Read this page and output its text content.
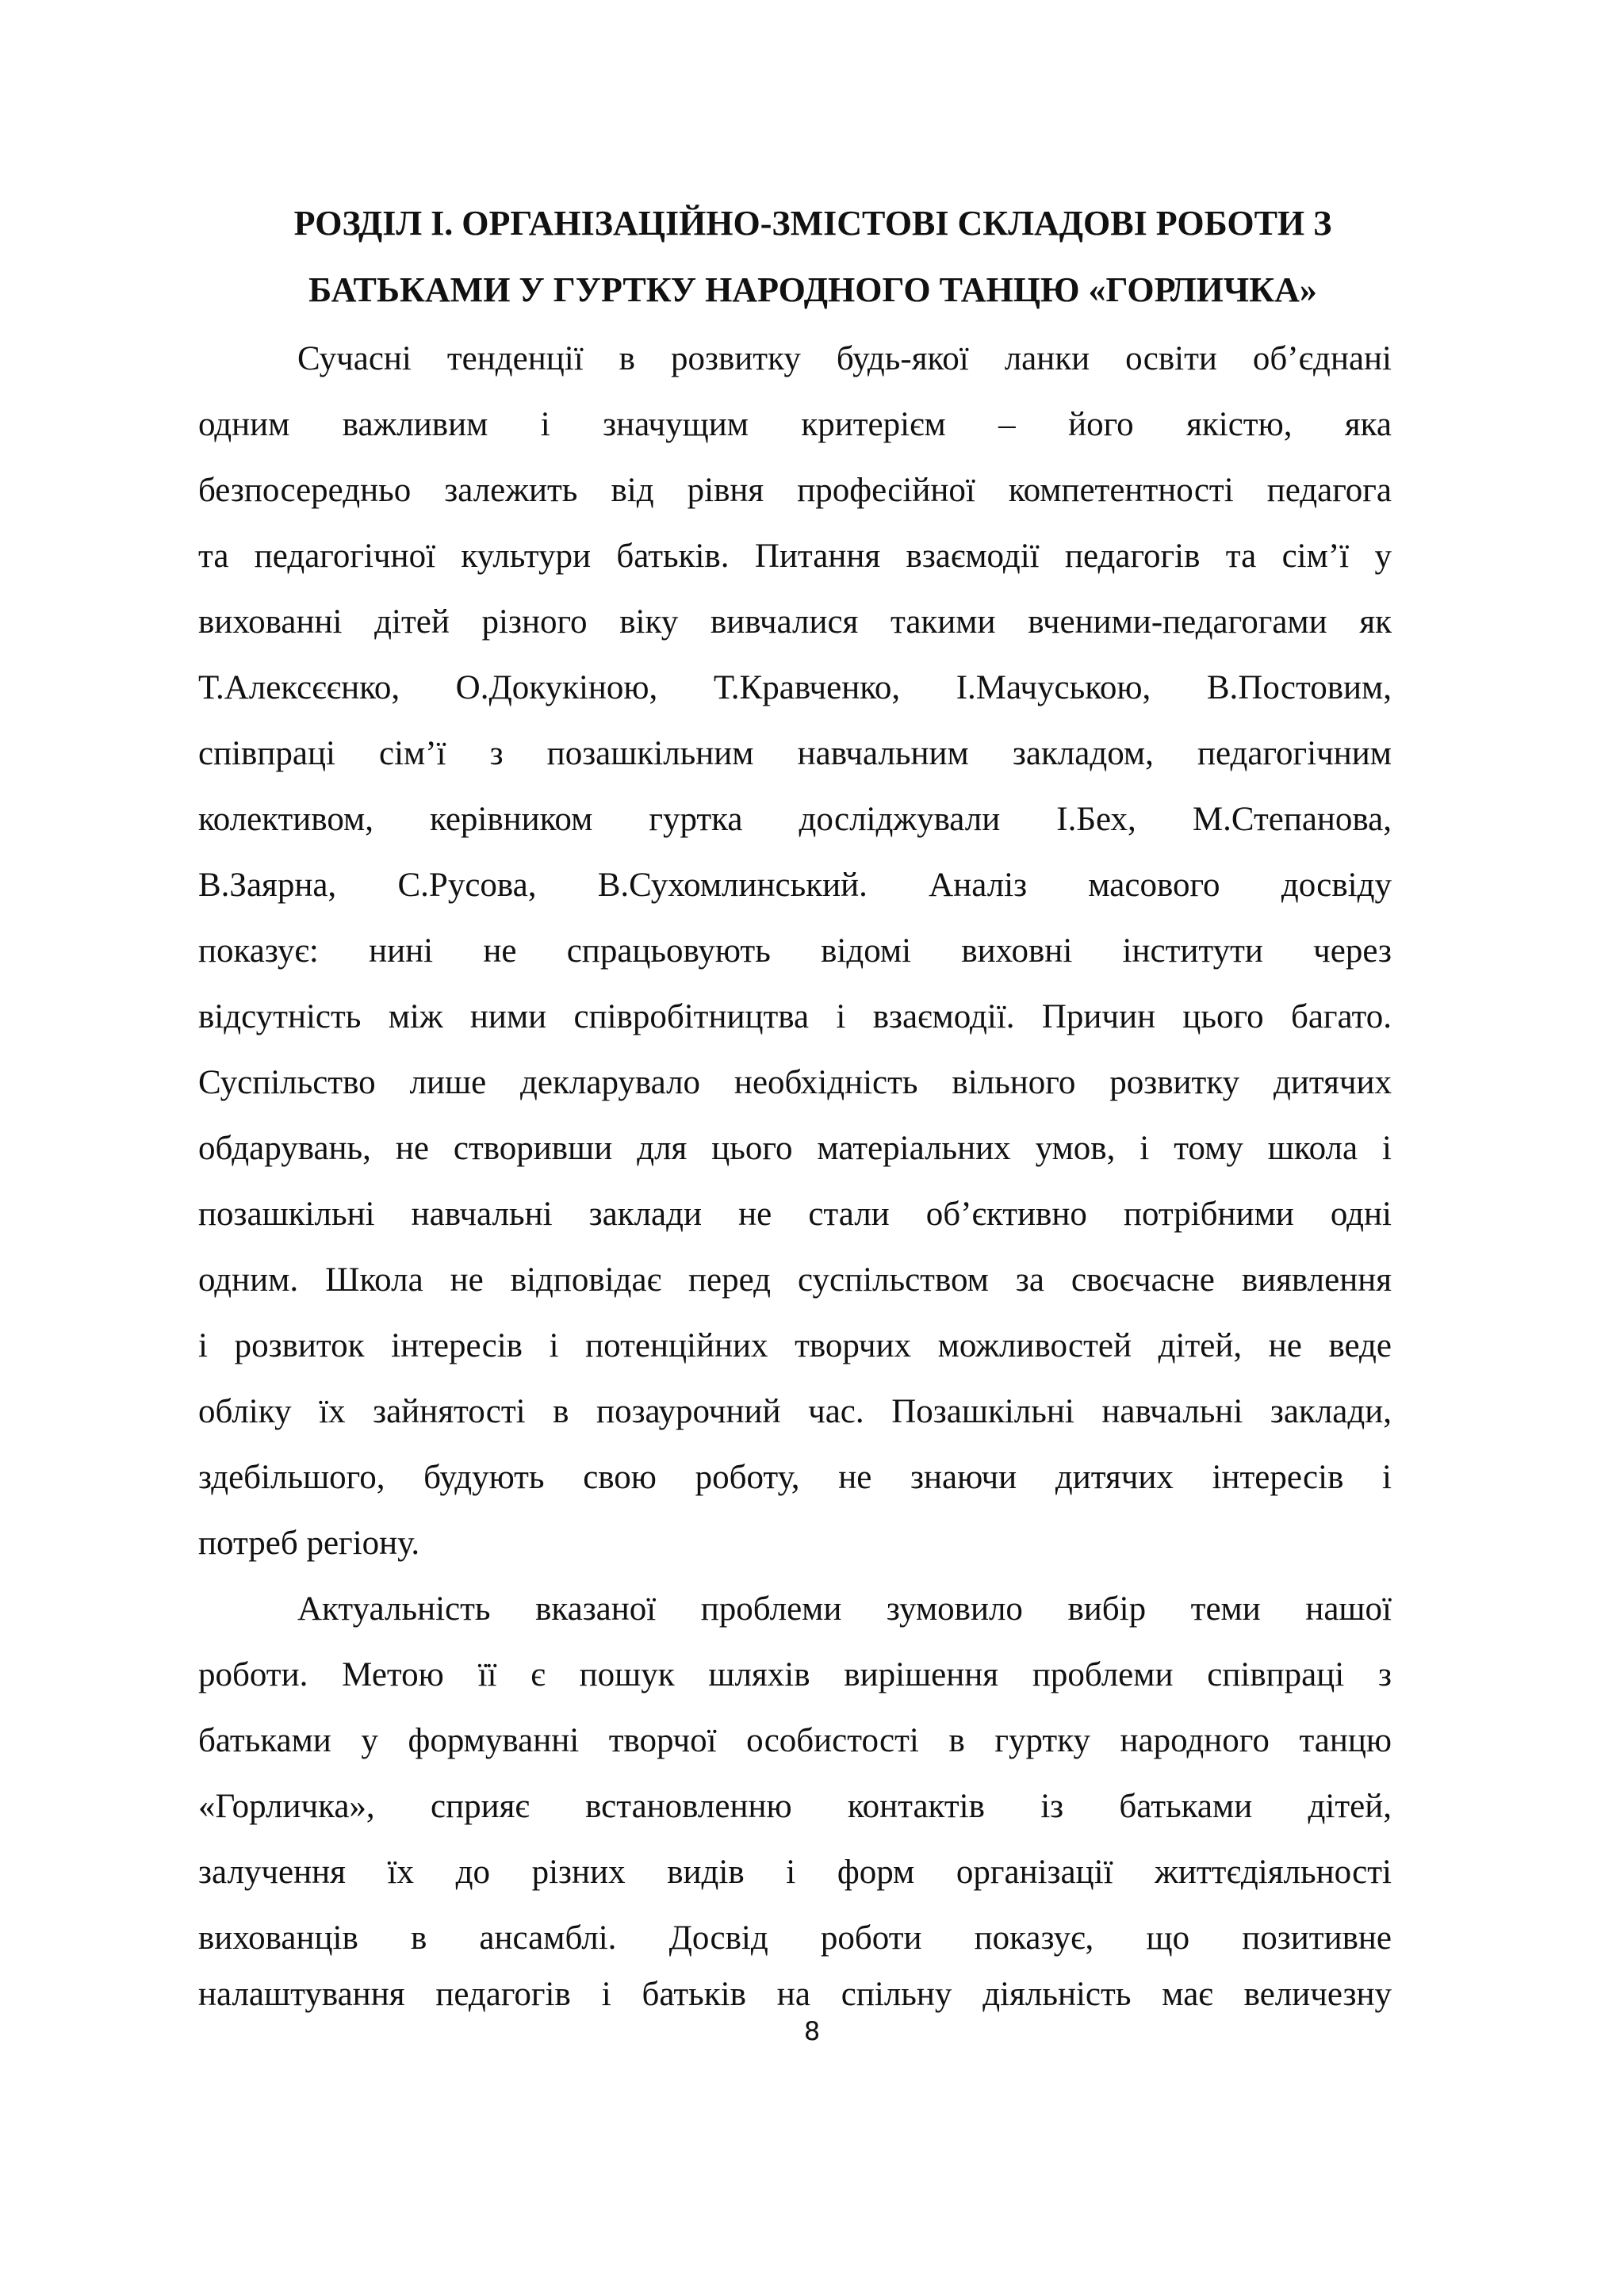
РОЗДІЛ І. ОРГАНІЗАЦІЙНО-ЗМІСТОВІ СКЛАДОВІ РОБОТИ З
БАТЬКАМИ У ГУРТКУ НАРОДНОГО ТАНЦЮ «ГОРЛИЧКА»

Сучасні тенденції в розвитку будь-якої ланки освіти об’єднані

одним важливим і значущим критерієм – його якістю, яка

безпосередньо залежить від рівня професійної компетентності педагога

та педагогічної культури батьків. Питання взаємодії педагогів та сім’ї у

вихованні дітей різного віку вивчалися такими вченими-педагогами як

Т.Алексєєнко, О.Докукіною, Т.Кравченко, І.Мачуською, В.Постовим,

співпраці сім’ї з позашкільним навчальним закладом, педагогічним

колективом, керівником гуртка досліджували І.Бех, М.Степанова,

В.Заярна, С.Русова, В.Сухомлинський. Аналіз масового досвіду

показує: нині не спрацьовують відомі виховні інститути через

відсутність між ними співробітництва і взаємодії. Причин цього багато.

Суспільство лише декларувало необхідність вільного розвитку дитячих

обдарувань, не створивши для цього матеріальних умов, і тому школа і

позашкільні навчальні заклади не стали об’єктивно потрібними одні

одним. Школа не відповідає перед суспільством за своєчасне виявлення

і розвиток інтересів і потенційних творчих можливостей дітей, не веде

обліку їх зайнятості в позаурочний час. Позашкільні навчальні заклади,

здебільшого, будують свою роботу, не знаючи дитячих інтересів і

потреб регіону.

Актуальність вказаної проблеми зумовило вибір теми нашої

роботи. Метою її є пошук шляхів вирішення проблеми співпраці з

батьками у формуванні творчої особистості в гуртку народного танцю

«Горличка», сприяє встановленню контактів із батьками дітей,

залучення їх до різних видів і форм організації життєдіяльності

вихованців в ансамблі. Досвід роботи показує, що позитивне

налаштування педагогів і батьків на спільну діяльність має величезну

8
